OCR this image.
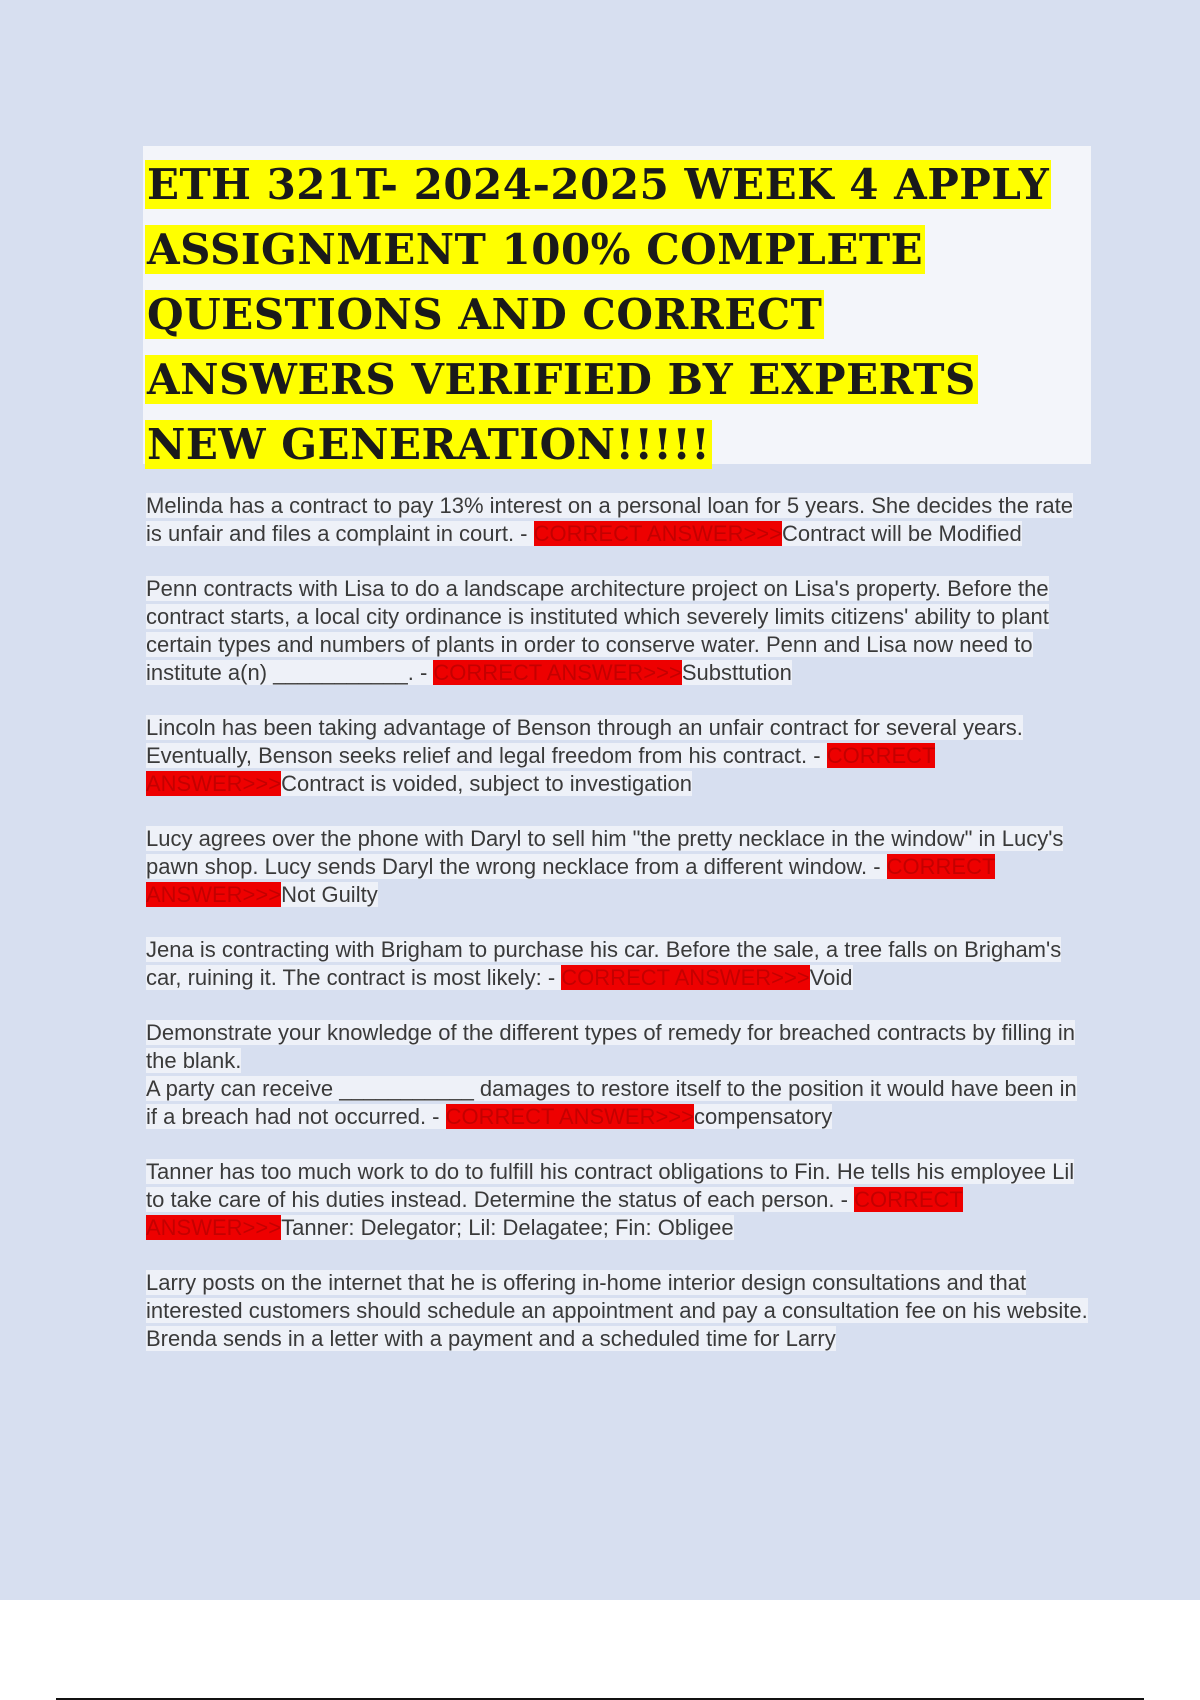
ETH 321T- 2024-2025 WEEK 4 APPLY ASSIGNMENT 100% COMPLETE QUESTIONS AND CORRECT ANSWERS VERIFIED BY EXPERTS NEW GENERATION!!!!!

Melinda has a contract to pay 13% interest on a personal loan for 5 years. She decides the rate is unfair and files a complaint in court. - CORRECT ANSWER>>>Contract will be Modified

Penn contracts with Lisa to do a landscape architecture project on Lisa's property. Before the contract starts, a local city ordinance is instituted which severely limits citizens' ability to plant certain types and numbers of plants in order to conserve water. Penn and Lisa now need to institute a(n) ___________. - CORRECT ANSWER>>>Substtution

Lincoln has been taking advantage of Benson through an unfair contract for several years. Eventually, Benson seeks relief and legal freedom from his contract. - CORRECT ANSWER>>>Contract is voided, subject to investigation

Lucy agrees over the phone with Daryl to sell him "the pretty necklace in the window" in Lucy's pawn shop. Lucy sends Daryl the wrong necklace from a different window. - CORRECT ANSWER>>>Not Guilty

Jena is contracting with Brigham to purchase his car. Before the sale, a tree falls on Brigham's car, ruining it. The contract is most likely: - CORRECT ANSWER>>>Void

Demonstrate your knowledge of the different types of remedy for breached contracts by filling in the blank.
A party can receive ___________ damages to restore itself to the position it would have been in if a breach had not occurred. - CORRECT ANSWER>>>compensatory

Tanner has too much work to do to fulfill his contract obligations to Fin. He tells his employee Lil to take care of his duties instead. Determine the status of each person. - CORRECT ANSWER>>>Tanner: Delegator; Lil: Delagatee; Fin: Obligee

Larry posts on the internet that he is offering in-home interior design consultations and that interested customers should schedule an appointment and pay a consultation fee on his website. Brenda sends in a letter with a payment and a scheduled time for Larry
